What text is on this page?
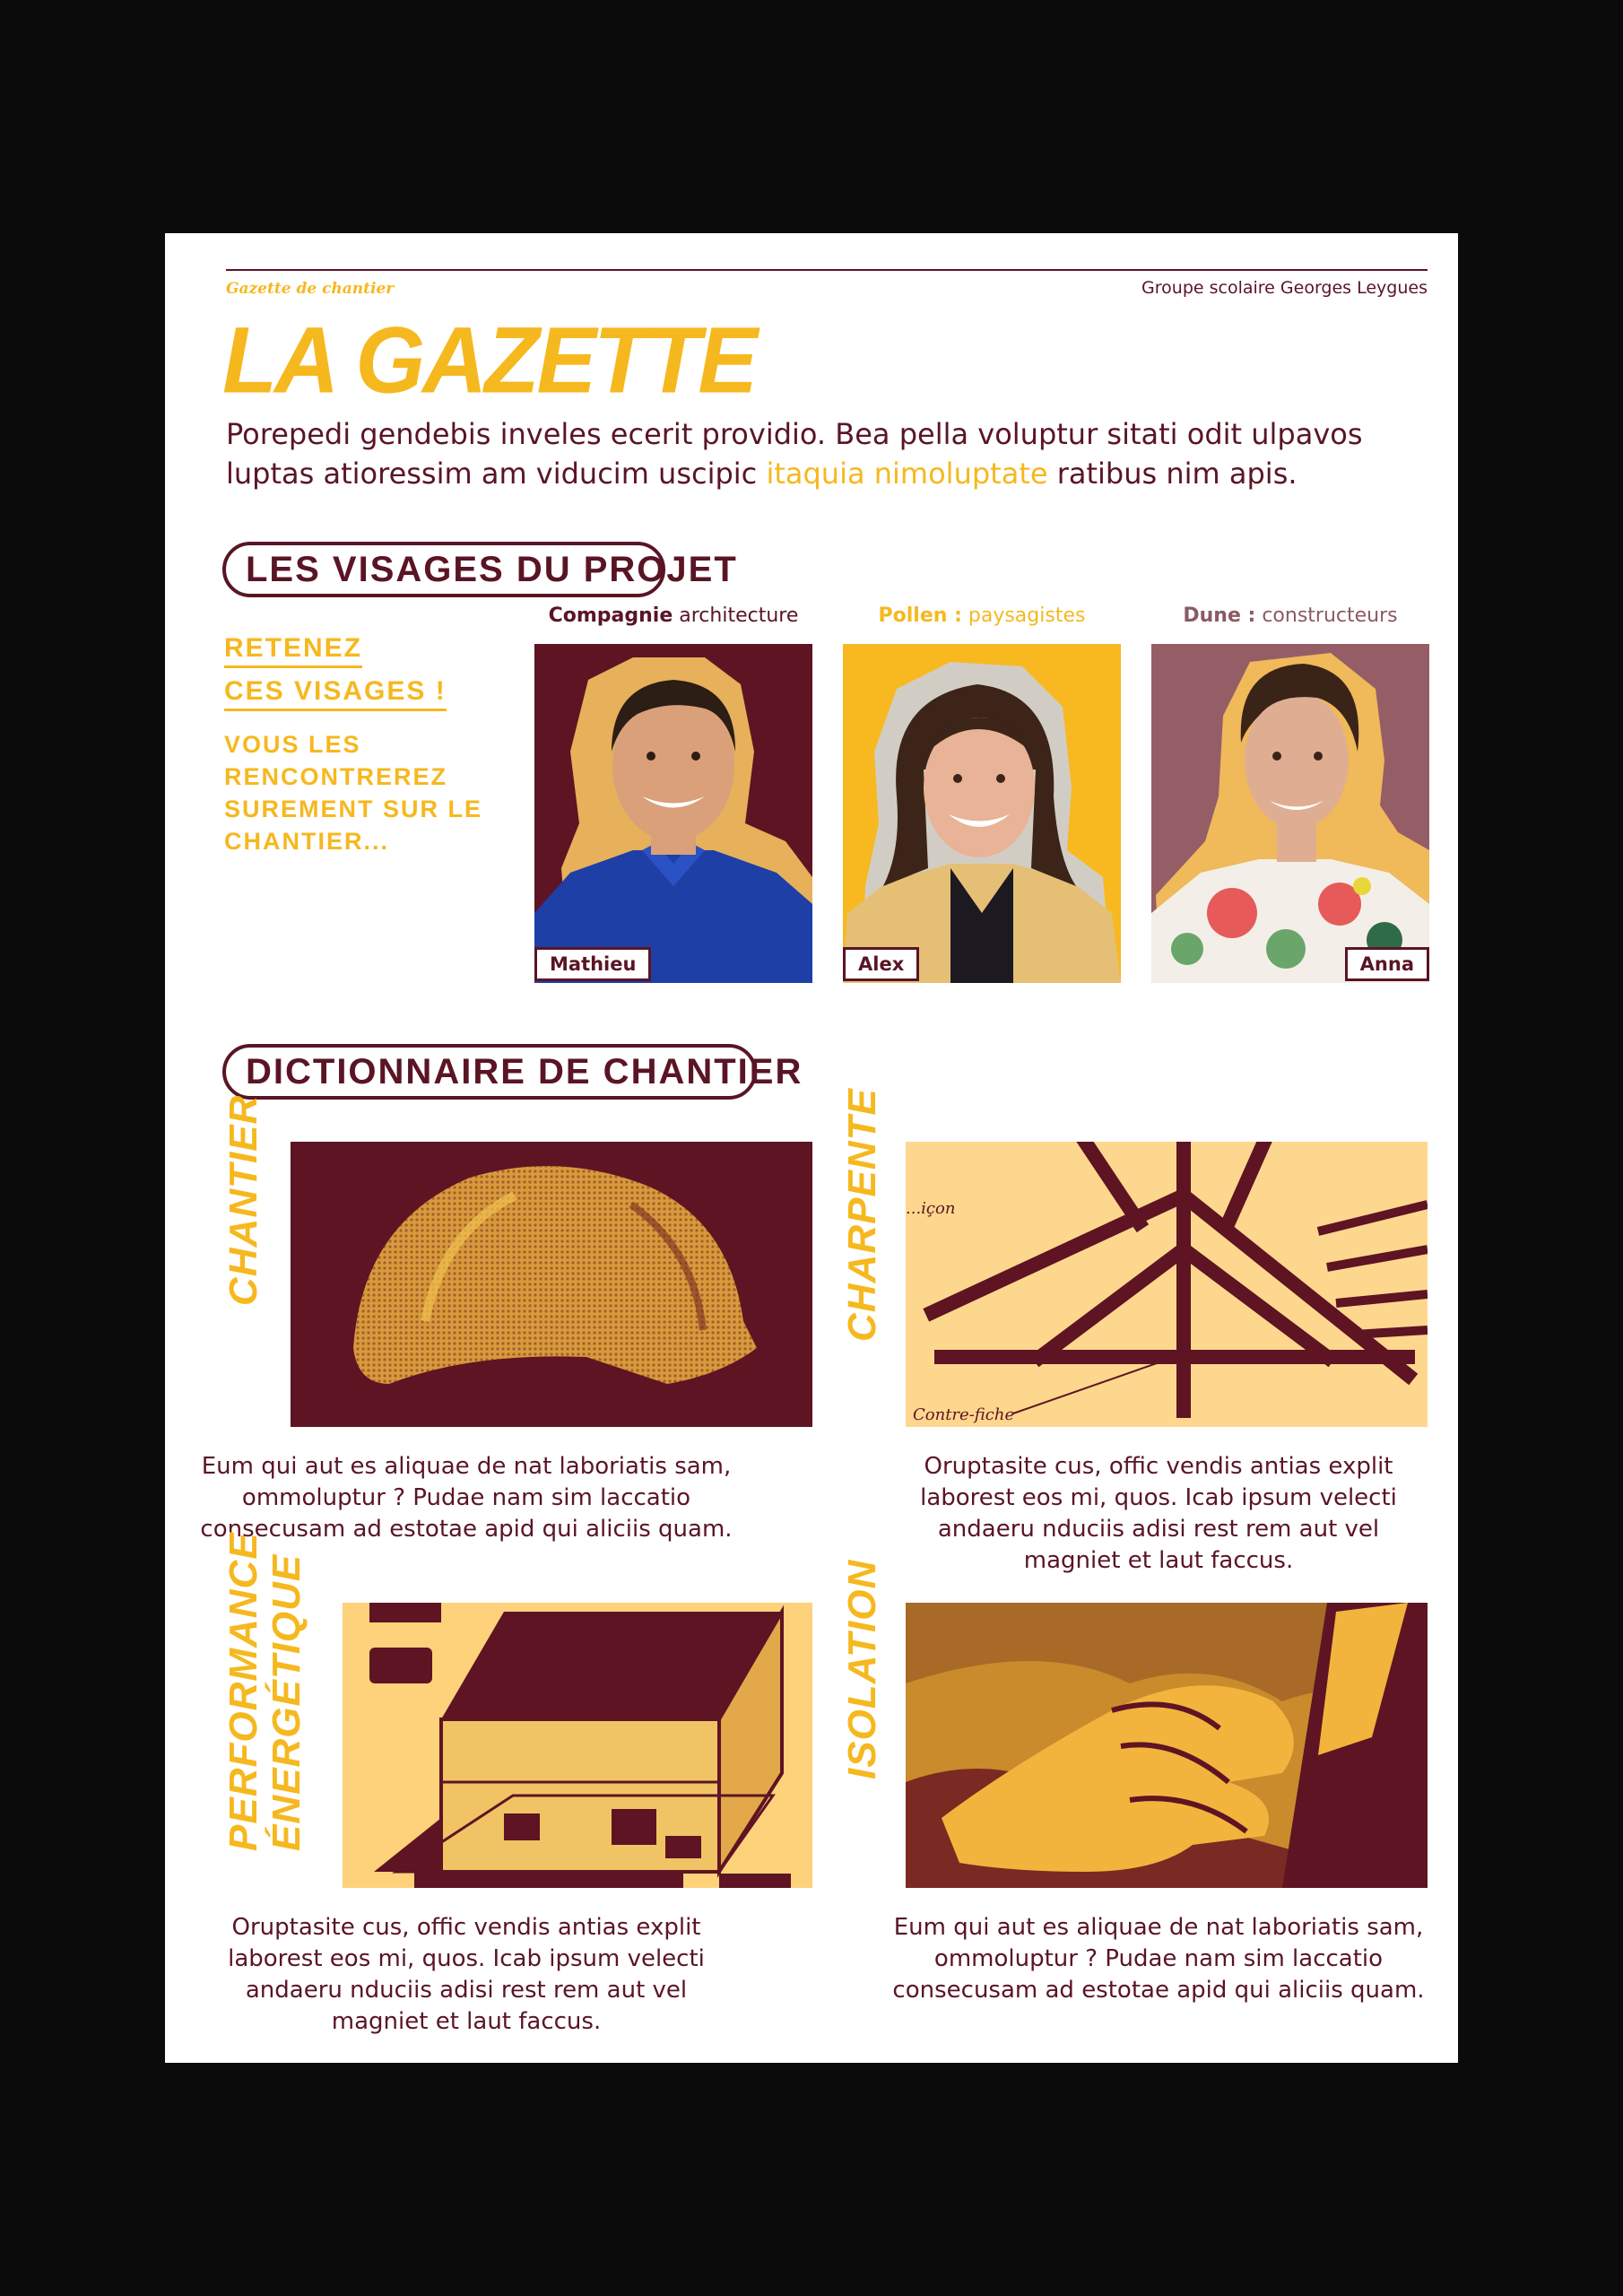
Gazette de chantier	Groupe scolaire Georges Leygues
LA GAZETTE

Porepedi gendebis inveles ecerit providio. Bea pella voluptur sitati odit ulpavos luptas atioressim am viducim uscipic itaquia nimoluptate ratibus nim apis.

LES VISAGES DU PROJET
RETENEZ
CES VISAGES !
VOUS LES RENCONTREREZ SUREMENT SUR LE CHANTIER...
Compagnie architecture
Mathieu
Pollen : paysagistes
Alex
Dune : constructeurs
Anna
DICTIONNAIRE DE CHANTIER
CHANTIER

Eum qui aut es aliquae de nat laboriatis sam, ommoluptur ? Pudae nam sim laccatio consecusam ad estotae apid qui aliciis quam.

CHARPENTE ...içon
Contre-fiche

Oruptasite cus, offic vendis antias explit laborest eos mi, quos. Icab ipsum velecti andaeru nduciis adisi rest rem aut vel magniet et laut faccus.

PERFORMANCE
ÉNERGÉTIQUE

Oruptasite cus, offic vendis antias explit laborest eos mi, quos. Icab ipsum velecti andaeru nduciis adisi rest rem aut vel magniet et laut faccus.

ISOLATION

Eum qui aut es aliquae de nat laboriatis sam, ommoluptur ? Pudae nam sim laccatio consecusam ad estotae apid qui aliciis quam.
